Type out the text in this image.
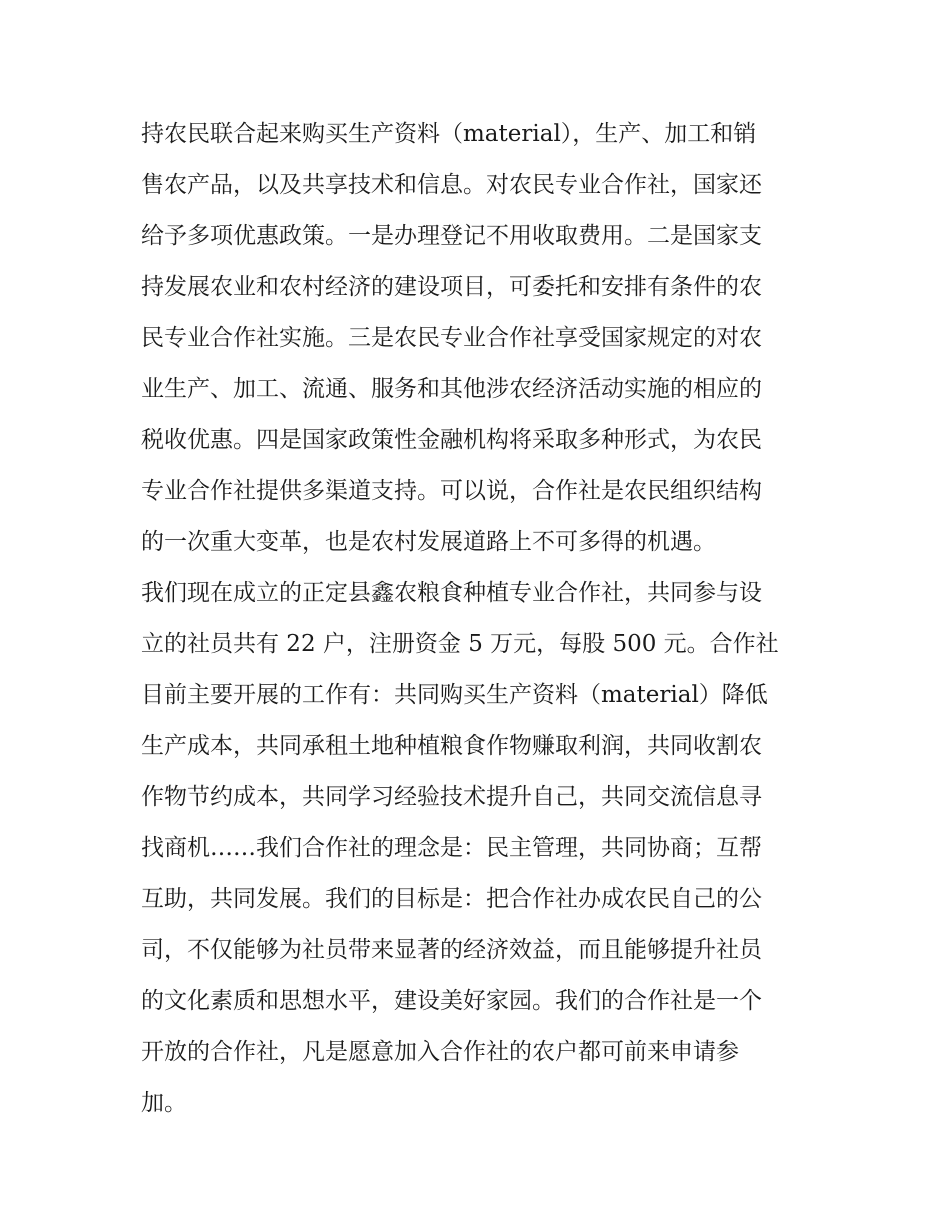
持农民联合起来购买生产资料（material），生产、加工和销
售农产品，以及共享技术和信息。对农民专业合作社，国家还
给予多项优惠政策。一是办理登记不用收取费用。二是国家支
持发展农业和农村经济的建设项目，可委托和安排有条件的农
民专业合作社实施。三是农民专业合作社享受国家规定的对农
业生产、加工、流通、服务和其他涉农经济活动实施的相应的
税收优惠。四是国家政策性金融机构将采取多种形式，为农民
专业合作社提供多渠道支持。可以说，合作社是农民组织结构
的一次重大变革，也是农村发展道路上不可多得的机遇。
我们现在成立的正定县鑫农粮食种植专业合作社，共同参与设
立的社员共有 22 户，注册资金 5 万元，每股 500 元。合作社
目前主要开展的工作有：共同购买生产资料（material）降低
生产成本，共同承租土地种植粮食作物赚取利润，共同收割农
作物节约成本，共同学习经验技术提升自己，共同交流信息寻
找商机……我们合作社的理念是：民主管理，共同协商；互帮
互助，共同发展。我们的目标是：把合作社办成农民自己的公
司，不仅能够为社员带来显著的经济效益，而且能够提升社员
的文化素质和思想水平，建设美好家园。我们的合作社是一个
开放的合作社，凡是愿意加入合作社的农户都可前来申请参
加。
